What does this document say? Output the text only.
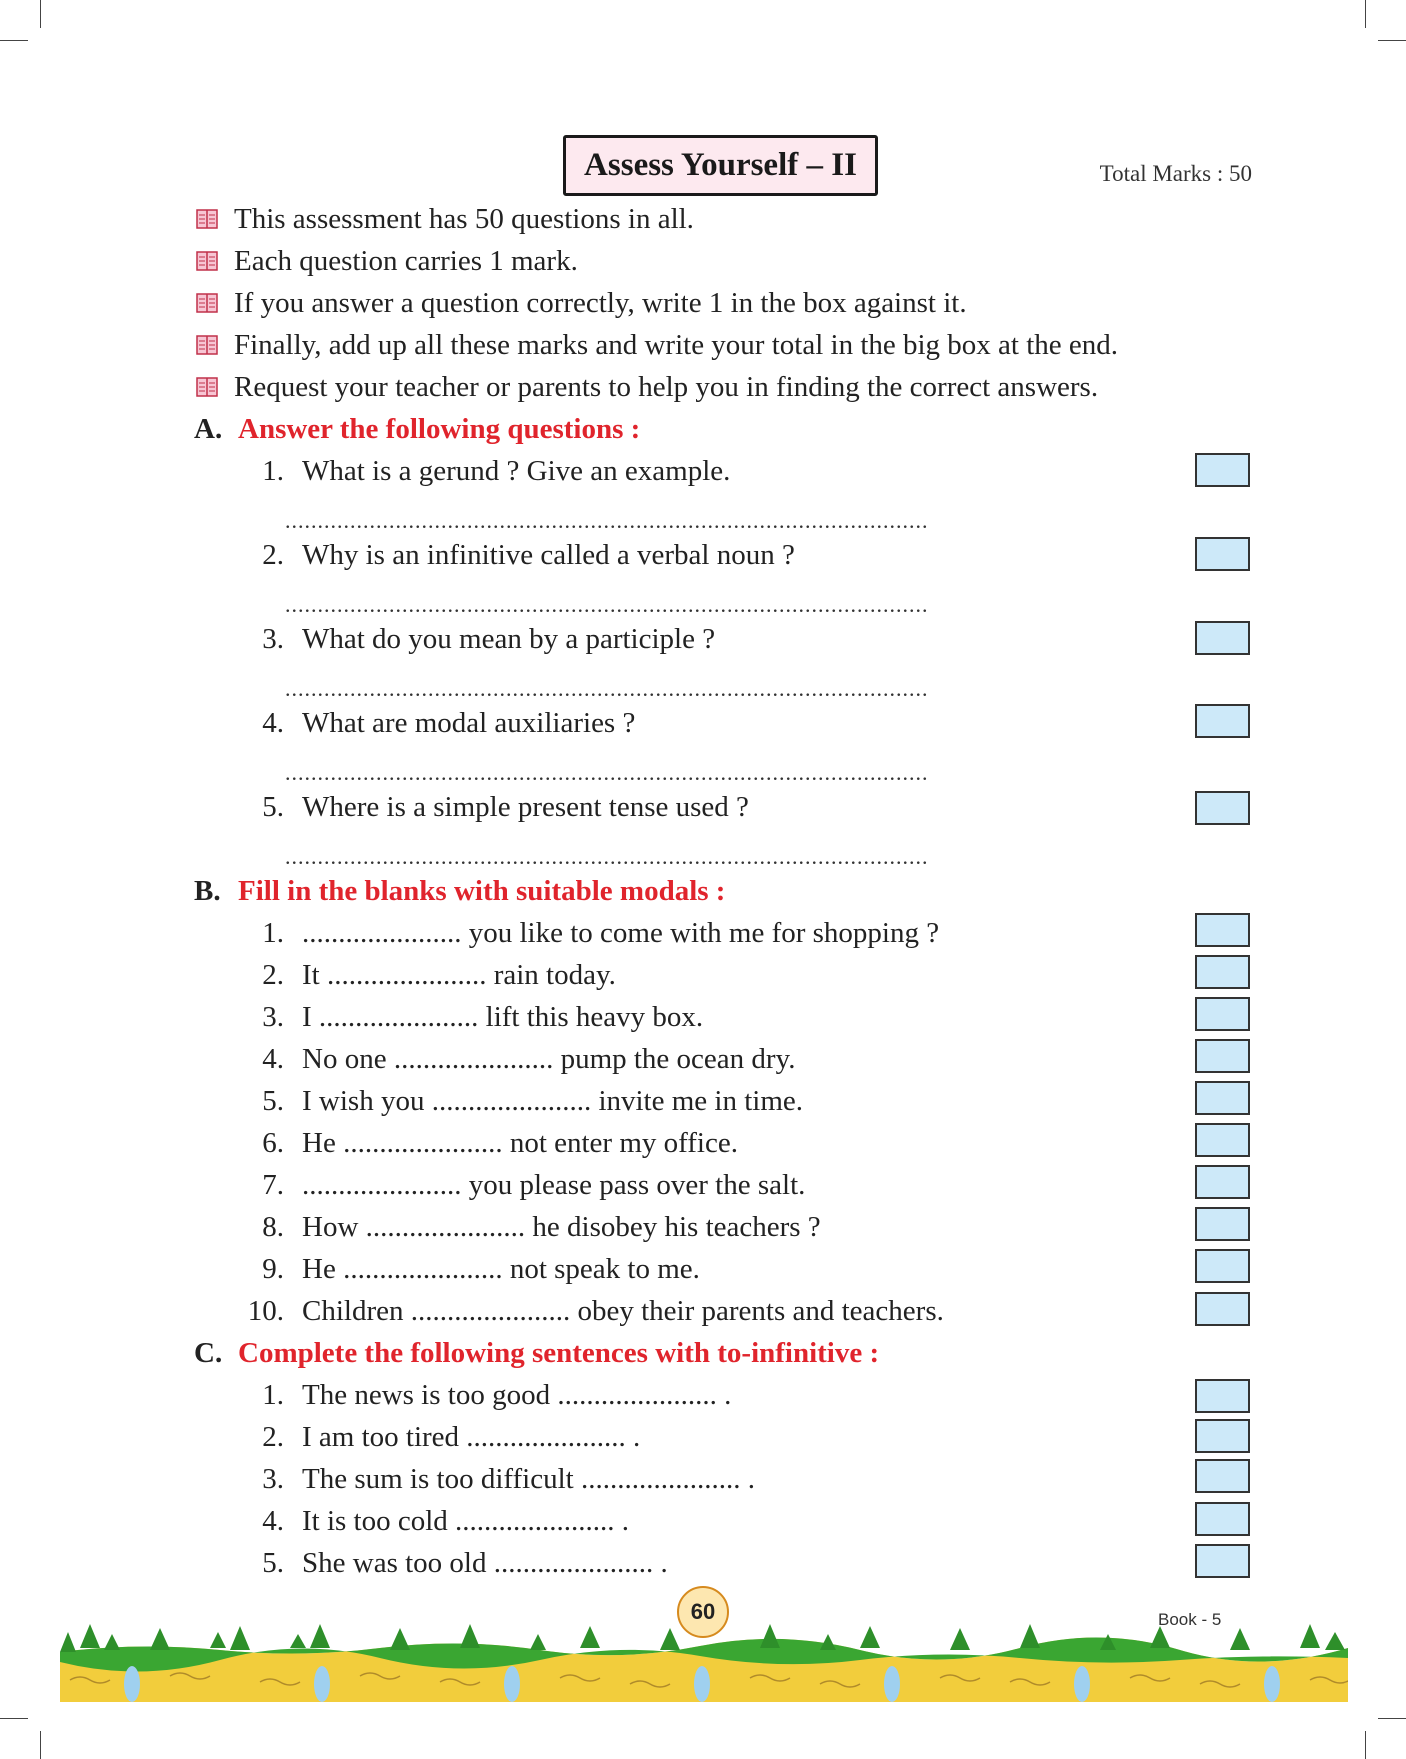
Assess Yourself – II	Total Marks : 50
This assessment has 50 questions in all.
Each question carries 1 mark.
If you answer a question correctly, write 1 in the box against it.
Finally, add up all these marks and write your total in the big box at the end.
Request your teacher or parents to help you in finding the correct answers.
A. Answer the following questions :
1. What is a gerund ? Give an example.
...................................................................................................
2. Why is an infinitive called a verbal noun ?
...................................................................................................
3. What do you mean by a participle ?
...................................................................................................
4. What are modal auxiliaries ?
...................................................................................................
5. Where is a simple present tense used ?
...................................................................................................
B. Fill in the blanks with suitable modals :
1. ...................... you like to come with me for shopping ?
2. It ...................... rain today.
3. I ...................... lift this heavy box.
4. No one ...................... pump the ocean dry.
5. I wish you ...................... invite me in time.
6. He ...................... not enter my office.
7. ...................... you please pass over the salt.
8. How ...................... he disobey his teachers ?
9. He ...................... not speak to me.
10. Children ...................... obey their parents and teachers.
C. Complete the following sentences with to-infinitive :
1. The news is too good ...................... .
2. I am too tired ...................... .
3. The sum is too difficult ...................... .
4. It is too cold ...................... .
5. She was too old ...................... .
60	Book - 5
